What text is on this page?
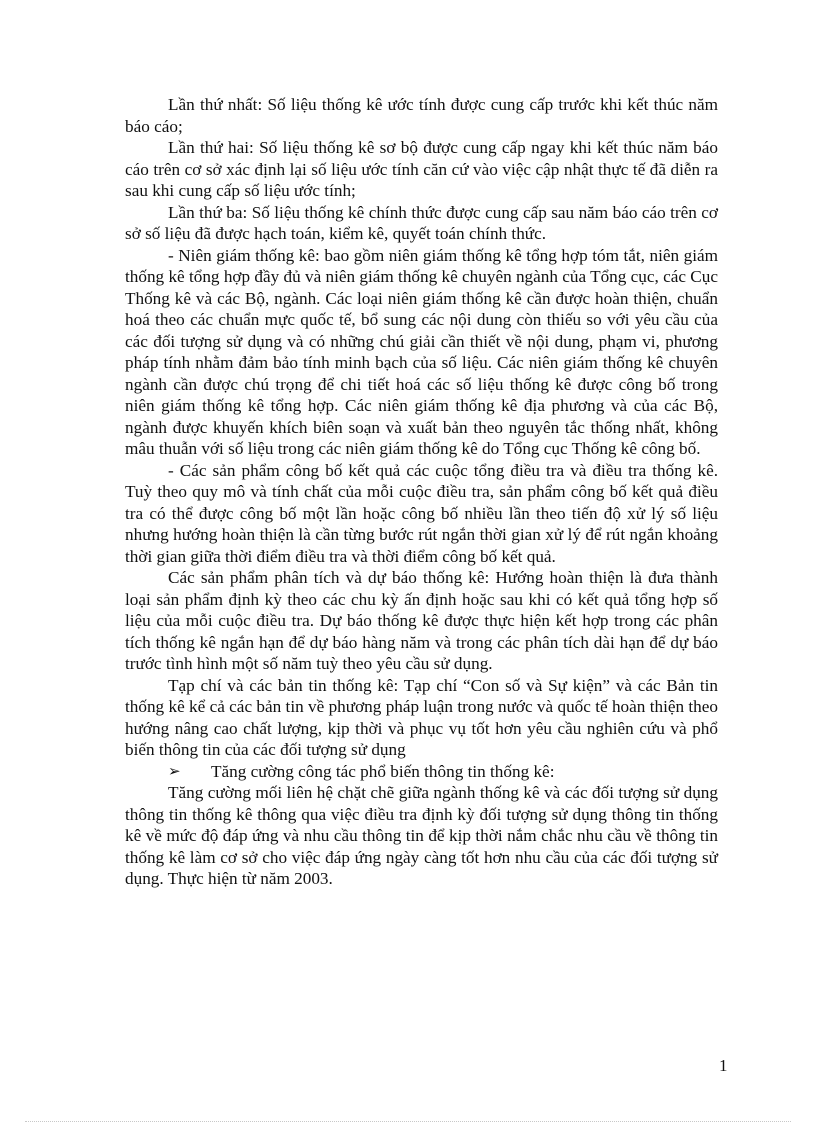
Lần thứ nhất: Số liệu thống kê ước tính được cung cấp trước khi kết thúc năm báo cáo;

Lần thứ hai: Số liệu thống kê sơ bộ được cung cấp ngay khi kết thúc năm báo cáo trên cơ sở xác định lại số liệu ước tính căn cứ vào việc cập nhật thực tế đã diễn ra sau khi cung cấp số liệu ước tính;

Lần thứ ba: Số liệu thống kê chính thức được cung cấp sau năm báo cáo trên cơ sở số liệu đã được hạch toán, kiểm kê, quyết toán chính thức.

- Niên giám thống kê: bao gồm niên giám thống kê tổng hợp tóm tắt, niên giám thống kê tổng hợp đầy đủ và niên giám thống kê chuyên ngành của Tổng cục, các Cục Thống kê và các Bộ, ngành. Các loại niên giám thống kê cần được hoàn thiện, chuẩn hoá theo các chuẩn mực quốc tế, bổ sung các nội dung còn thiếu so với yêu cầu của các đối tượng sử dụng và có những chú giải cần thiết về nội dung, phạm vi, phương pháp tính nhằm đảm bảo tính minh bạch của số liệu. Các niên giám thống kê chuyên ngành cần được chú trọng để chi tiết hoá các số liệu thống kê được công bố trong niên giám thống kê tổng hợp. Các niên giám thống kê địa phương và của các Bộ, ngành được khuyến khích biên soạn và xuất bản theo nguyên tắc thống nhất, không mâu thuẫn với số liệu trong các niên giám thống kê do Tổng cục Thống kê công bố.

- Các sản phẩm công bố kết quả các cuộc tổng điều tra và điều tra thống kê. Tuỳ theo quy mô và tính chất của mỗi cuộc điều tra, sản phẩm công bố kết quả điều tra có thể được công bố một lần hoặc công bố nhiều lần theo tiến độ xử lý số liệu nhưng hướng hoàn thiện là cần từng bước rút ngắn thời gian xử lý để rút ngắn khoảng thời gian giữa thời điểm điều tra và thời điểm công bố kết quả.

Các sản phẩm phân tích và dự báo thống kê: Hướng hoàn thiện là đưa thành loại sản phẩm định kỳ theo các chu kỳ ấn định hoặc sau khi có kết quả tổng hợp số liệu của mỗi cuộc điều tra. Dự báo thống kê được thực hiện kết hợp trong các phân tích thống kê ngắn hạn để dự báo hàng năm và trong các phân tích dài hạn để dự báo trước tình hình một số năm tuỳ theo yêu cầu sử dụng.

Tạp chí và các bản tin thống kê: Tạp chí “Con số và Sự kiện” và các Bản tin thống kê kể cả các bản tin về phương pháp luận trong nước và quốc tế hoàn thiện theo hướng nâng cao chất lượng, kịp thời và phục vụ tốt hơn yêu cầu nghiên cứu và phổ biến thông tin của các đối tượng sử dụng

➢ Tăng cường công tác phổ biến thông tin thống kê:

Tăng cường mối liên hệ chặt chẽ giữa ngành thống kê và các đối tượng sử dụng thông tin thống kê thông qua việc điều tra định kỳ đối tượng sử dụng thông tin thống kê về mức độ đáp ứng và nhu cầu thông tin để kịp thời nắm chắc nhu cầu về thông tin thống kê làm cơ sở cho việc đáp ứng ngày càng tốt hơn nhu cầu của các đối tượng sử dụng. Thực hiện từ năm 2003.

1
